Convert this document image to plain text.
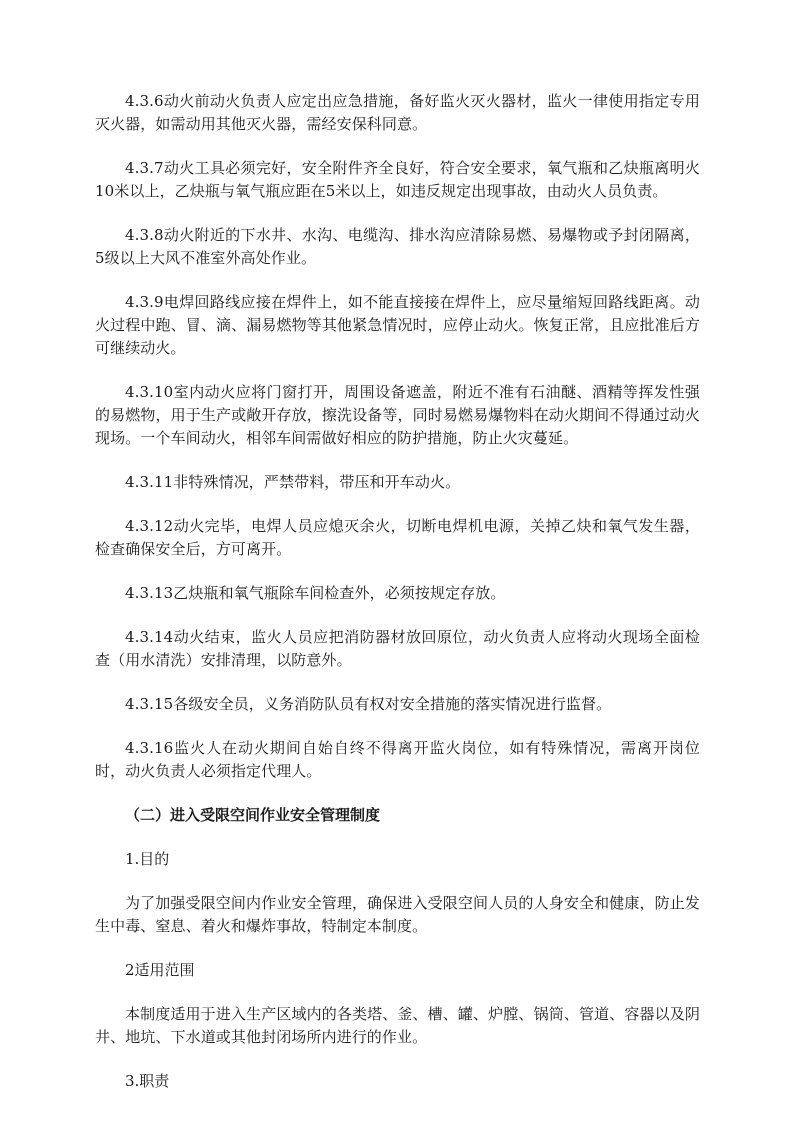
4.3.6动火前动火负责人应定出应急措施，备好监火灭火器材，监火一律使用指定专用灭火器，如需动用其他灭火器，需经安保科同意。

4.3.7动火工具必须完好，安全附件齐全良好，符合安全要求，氧气瓶和乙炔瓶离明火10米以上，乙炔瓶与氧气瓶应距在5米以上，如违反规定出现事故，由动火人员负责。

4.3.8动火附近的下水井、水沟、电缆沟、排水沟应清除易燃、易爆物或予封闭隔离，5级以上大风不准室外高处作业。

4.3.9电焊回路线应接在焊件上，如不能直接接在焊件上，应尽量缩短回路线距离。动火过程中跑、冒、滴、漏易燃物等其他紧急情况时，应停止动火。恢复正常，且应批准后方可继续动火。

4.3.10室内动火应将门窗打开，周围设备遮盖，附近不准有石油醚、酒精等挥发性强的易燃物，用于生产或敞开存放，擦洗设备等，同时易燃易爆物料在动火期间不得通过动火现场。一个车间动火，相邻车间需做好相应的防护措施，防止火灾蔓延。

4.3.11非特殊情况，严禁带料，带压和开车动火。

4.3.12动火完毕，电焊人员应熄灭余火，切断电焊机电源，关掉乙炔和氧气发生器，检查确保安全后，方可离开。

4.3.13乙炔瓶和氧气瓶除车间检查外，必须按规定存放。

4.3.14动火结束，监火人员应把消防器材放回原位，动火负责人应将动火现场全面检查（用水清洗）安排清理，以防意外。

4.3.15各级安全员，义务消防队员有权对安全措施的落实情况进行监督。

4.3.16监火人在动火期间自始自终不得离开监火岗位，如有特殊情况，需离开岗位时，动火负责人必须指定代理人。

（二）进入受限空间作业安全管理制度

1.目的

为了加强受限空间内作业安全管理，确保进入受限空间人员的人身安全和健康，防止发生中毒、窒息、着火和爆炸事故，特制定本制度。

2适用范围

本制度适用于进入生产区域内的各类塔、釜、槽、罐、炉膛、锅筒、管道、容器以及阴井、地坑、下水道或其他封闭场所内进行的作业。

3.职责
